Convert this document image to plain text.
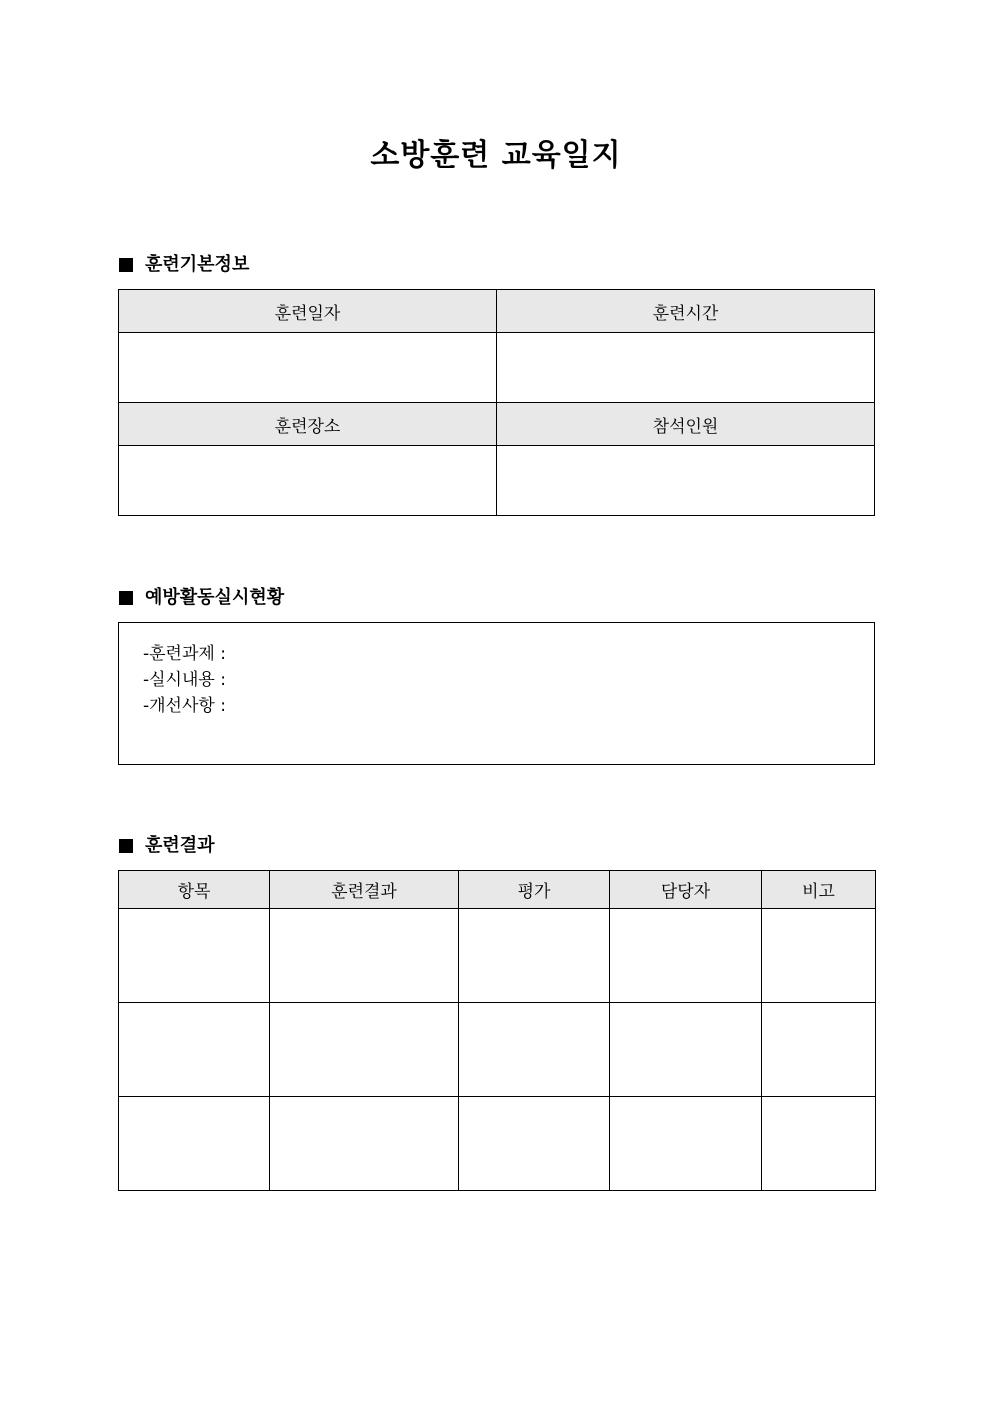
소방훈련 교육일지
훈련기본정보
훈련일자	훈련시간

훈련장소	참석인원

예방활동실시현황
-훈련과제 :
-실시내용 :
-개선사항 :
훈련결과
항목	훈련결과	평가	담당자	비고
